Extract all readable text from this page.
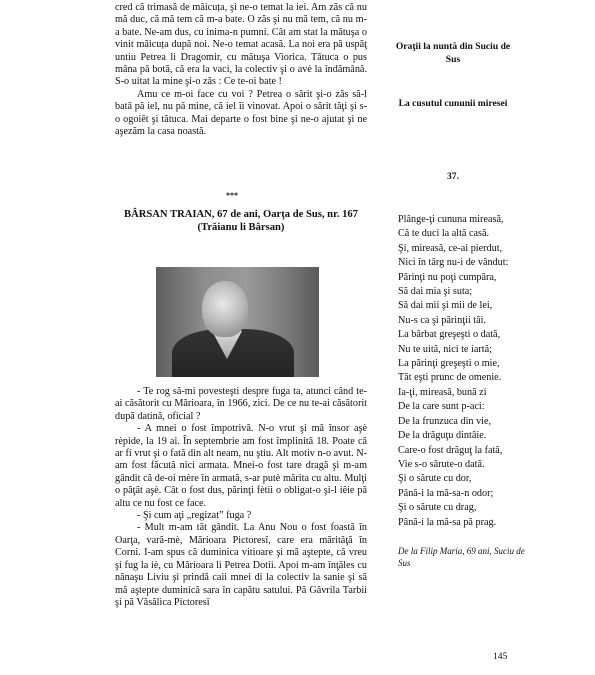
cred că trimasă de măicuța, şi ne-o temat la iei. Am zăs că nu mă duc, că mă tem că m-a bate. O zăs şi nu mă tem, că nu m-a bate. Ne-am dus, cu inima-n pumni. Cât am stat la mătuşa o vinit măicuța după noi. Ne-o temat acasă. La noi era pă uspăţ untiu Petrea li Dragomir, cu mătuşa Viorica. Tătuca o pus mâna pă botă, că era la vaci, la colectiv şi o avè la îndămână. S-o uitat la mine şi-o zăs : Ce te-oi bate !

Amu ce m-oi face cu voi ? Petrea o sărit şi-o zăs să-l bată pă iel, nu pă mine, că iel îi vinovat. Apoi o sărit tăţi şi s-o ogoiêt şi tătuca. Mai departe o fost bine şi ne-o ajutat şi ne aşezăm la casa noastă.

***
BÂRSAN TRAIAN, 67 de ani, Oarţa de Sus, nr. 167
(Trăianu li Bârsan)

- Te rog să-mi povesteşti despre fuga ta, atunci când te-ai căsătorit cu Mărioara, în 1966, zici. De ce nu te-ai căsătorit după datină, oficial ?

- A mnei o fost împotrivă. N-o vrut şi mă însor aşè rèpide, la 19 ai. În septembrie am fost împlinită 18. Poate că ar fi vrut şi o fată din alt neam, nu ştiu. Alt motiv n-o avut. N-am fost făcută nici armata. Mnei-o fost tare dragă şi m-am gândit că de-oi mère în armată, s-ar putè mărita cu altu. Mulţi o păţât aşè. Cât o fost dus, părinţi fètii o obligat-o şi-l iêie pă altu ce nu fost ce face.

- Şi cum aţi „regizat” fuga ?

- Mult m-am tăt gândit. La Anu Nou o fost foastă în Oarţa, vară-mè, Mărioara Pictoresî, care era mărităţă în Corni. I-am spus că duminica vitioare şi mă aştepte, că vreu şi fug la iè, cu Mărioara li Petrea Dotii. Apoi m-am înţăles cu nănaşu Liviu şi prindă caii mnei di la colectiv la sanie şi să mă aştepte duminică sara în capătu satului. Pă Găvrila Tarbii şi pă Văsălica Pictoresî

Oraţii la nuntă din Suciu de Sus
La cusutul cununii miresei
37.
Plânge-ţi cununa mireasă,
Că te duci la altă casă.
Şi, mireasă, ce-ai pierdut,
Nici în târg nu-i de vândut:
Părinţi nu poţi cumpăra,
Să dai mia şi suta;
Să dai mii şi mii de lei,
Nu-s ca şi părinţii tăi.
La bărbat greşeşti o dată,
Nu te uită, nici te iartă;
La părinţi greşeşti o mie,
Tăt eşti prunc de omenie.
Ia-ţi, mireasă, bună zi
De la care sunt p-aci:
De la frunzuca din vie,
De la drăguţu dintâie.
Care-o fost drăguţ la fată,
Vie s-o sărute-o dată.
Şi o sărute cu dor,
Până-i la mă-sa-n odor;
Şi o sărute cu drag,
Până-i la mă-sa pă prag.
De la Filip Maria, 69 ani, Suciu de Sus
145
